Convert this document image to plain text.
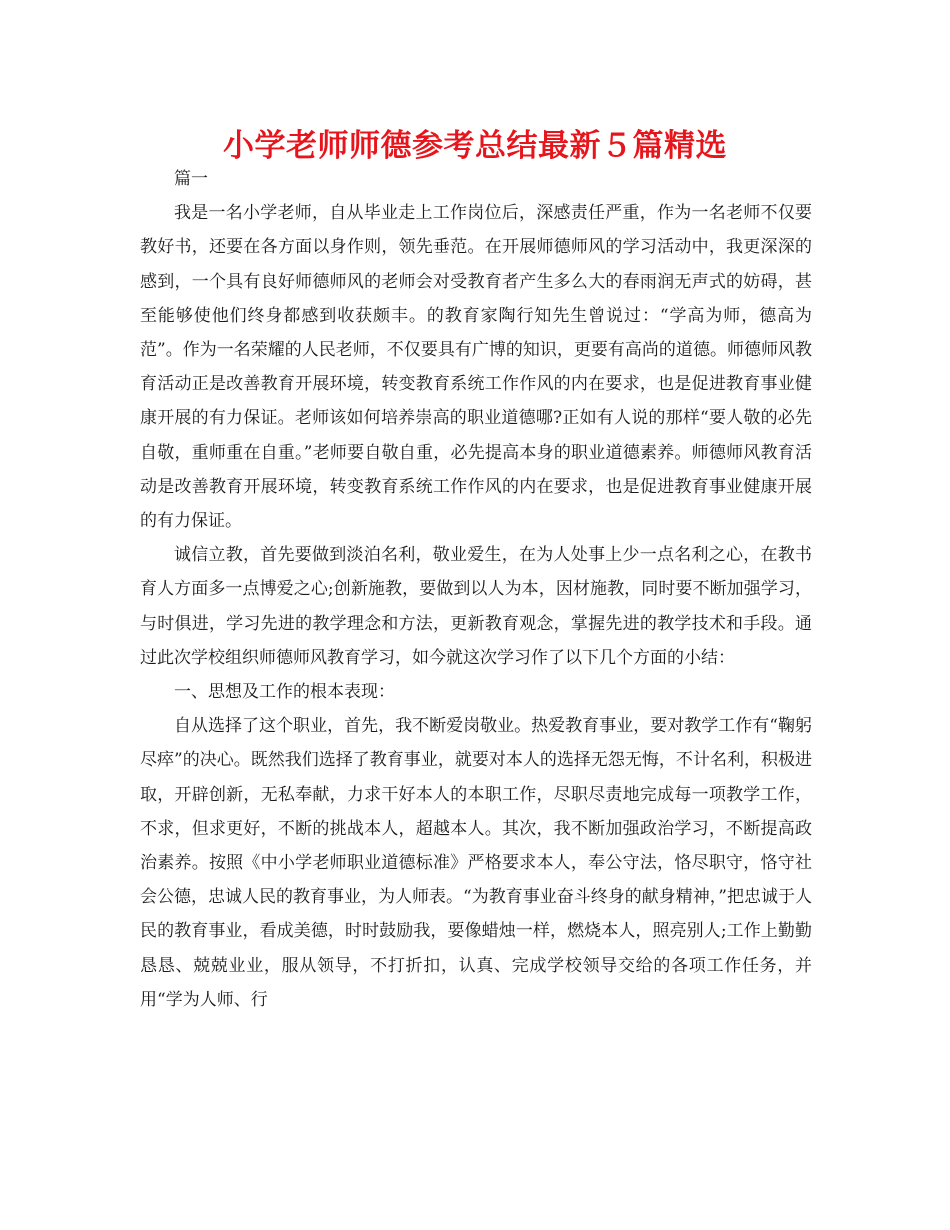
小学老师师德参考总结最新５篇精选

篇一

我是一名小学老师，自从毕业走上工作岗位后，深感责任严重，作为一名老师不仅要教好书，还要在各方面以身作则，领先垂范。在开展师德师风的学习活动中，我更深深的感到，一个具有良好师德师风的老师会对受教育者产生多么大的春雨润无声式的妨碍，甚至能够使他们终身都感到收获颇丰。的教育家陶行知先生曾说过：“学高为师，德高为范”。作为一名荣耀的人民老师，不仅要具有广博的知识，更要有高尚的道德。师德师风教育活动正是改善教育开展环境，转变教育系统工作作风的内在要求，也是促进教育事业健康开展的有力保证。老师该如何培养崇高的职业道德哪?正如有人说的那样“要人敬的必先自敬，重师重在自重。”老师要自敬自重，必先提高本身的职业道德素养。师德师风教育活动是改善教育开展环境，转变教育系统工作作风的内在要求，也是促进教育事业健康开展的有力保证。

诚信立教，首先要做到淡泊名利，敬业爱生，在为人处事上少一点名利之心，在教书育人方面多一点博爱之心;创新施教，要做到以人为本，因材施教，同时要不断加强学习，与时俱进，学习先进的教学理念和方法，更新教育观念，掌握先进的教学技术和手段。通过此次学校组织师德师风教育学习，如今就这次学习作了以下几个方面的小结：

一、思想及工作的根本表现：

自从选择了这个职业，首先，我不断爱岗敬业。热爱教育事业，要对教学工作有“鞠躬尽瘁”的决心。既然我们选择了教育事业，就要对本人的选择无怨无悔，不计名利，积极进取，开辟创新，无私奉献，力求干好本人的本职工作，尽职尽责地完成每一项教学工作，不求，但求更好，不断的挑战本人，超越本人。其次，我不断加强政治学习，不断提高政治素养。按照《中小学老师职业道德标准》严格要求本人，奉公守法，恪尽职守，恪守社会公德，忠诚人民的教育事业，为人师表。“为教育事业奋斗终身的献身精神，”把忠诚于人民的教育事业，看成美德，时时鼓励我，要像蜡烛一样，燃烧本人，照亮别人;工作上勤勤恳恳、兢兢业业，服从领导，不打折扣，认真、完成学校领导交给的各项工作任务，并用“学为人师、行
